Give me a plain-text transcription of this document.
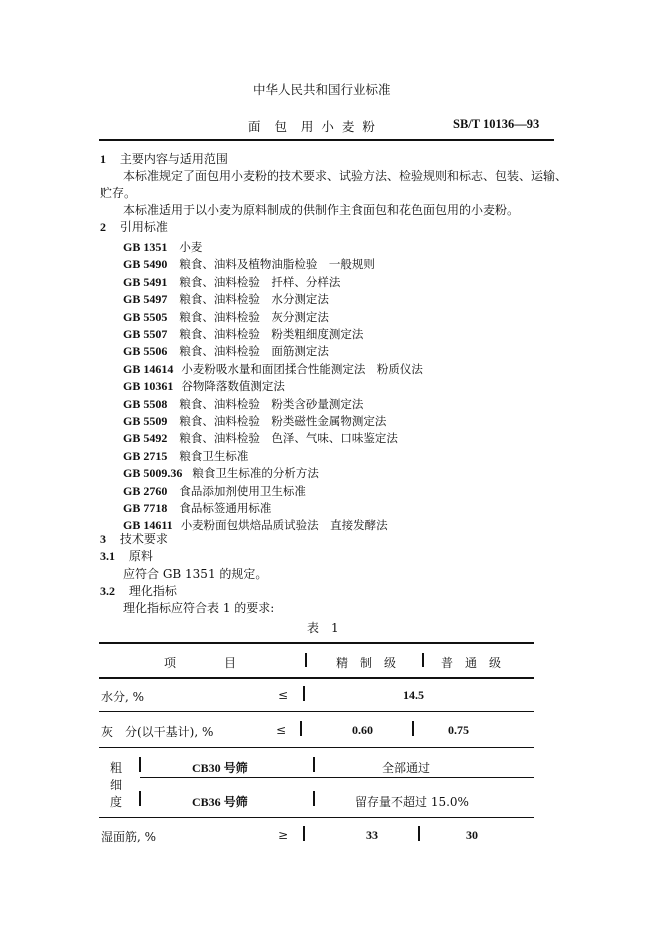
中华人民共和国行业标准
面  包  用 小 麦 粉	SB/T 10136—93
1 主要内容与适用范围
本标准规定了面包用小麦粉的技术要求、试验方法、检验规则和标志、包装、运输、
贮存。
本标准适用于以小麦为原料制成的供制作主食面包和花色面包用的小麦粉。
2 引用标准
GB 1351 小麦
GB 5490 粮食、油料及植物油脂检验　一般规则
GB 5491 粮食、油料检验　扦样、分样法
GB 5497 粮食、油料检验　水分测定法
GB 5505 粮食、油料检验　灰分测定法
GB 5507 粮食、油料检验　粉类粗细度测定法
GB 5506 粮食、油料检验　面筋测定法
GB 14614 小麦粉吸水量和面团揉合性能测定法　粉质仪法
GB 10361 谷物降落数值测定法
GB 5508 粮食、油料检验　粉类含砂量测定法
GB 5509 粮食、油料检验　粉类磁性金属物测定法
GB 5492 粮食、油料检验　色泽、气味、口味鉴定法
GB 2715 粮食卫生标准
GB 5009.36 粮食卫生标准的分析方法
GB 2760 食品添加剂使用卫生标准
GB 7718 食品标签通用标准
GB 14611 小麦粉面包烘焙品质试验法　直接发酵法
3 技术要求
3.1 原料
应符合 GB 1351 的规定。
3.2 理化指标
理化指标应符合表 1 的要求:
表　1
项　　　　目	精　制　级	普　通　级
水分, %	≤	14.5
灰　分(以干基计), %	≤	0.60	0.75
粗
细
度
CB30 号筛	全部通过
CB36 号筛	留存量不超过 15.0%
湿面筋, %	≥	33	30
